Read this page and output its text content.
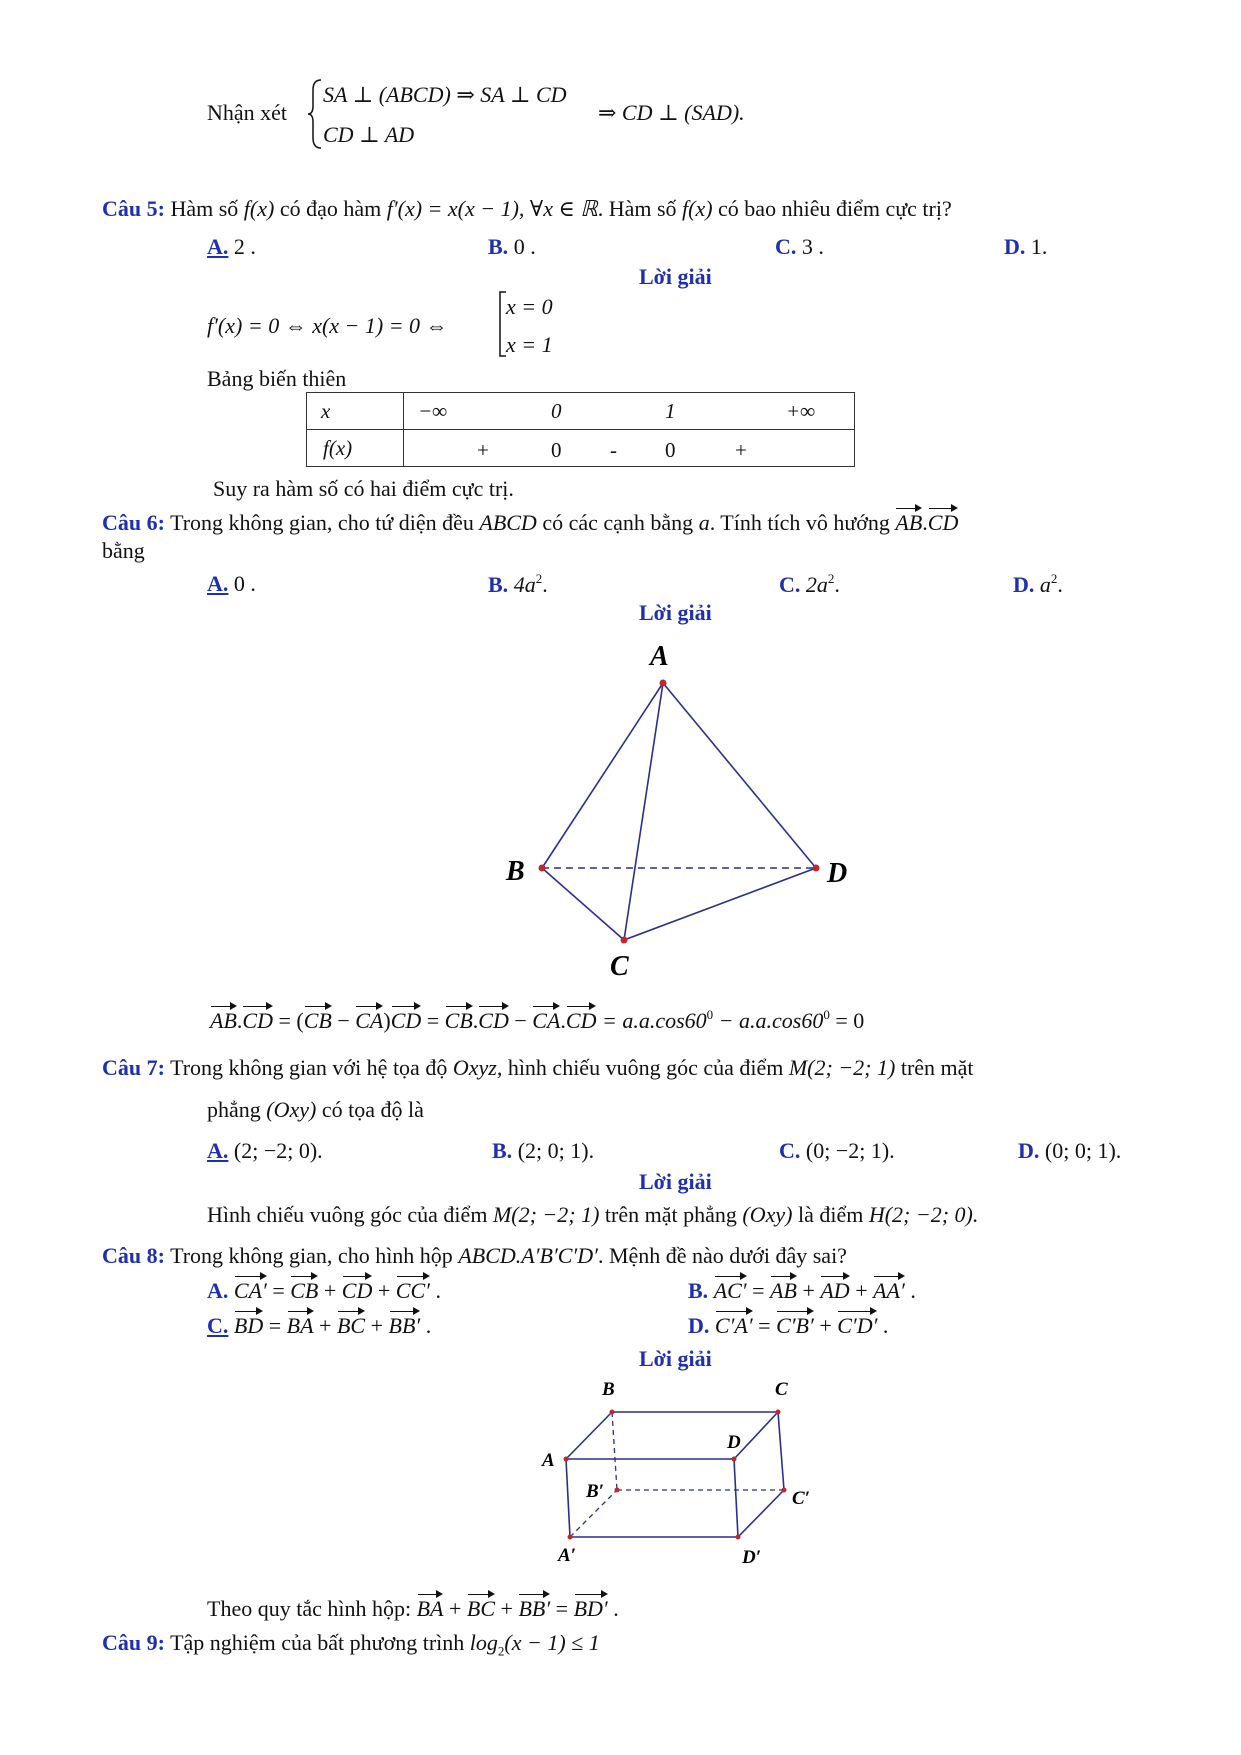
Nhận xét
SA ⊥ (ABCD) ⇒ SA ⊥ CD
CD ⊥ AD
⇒ CD ⊥ (SAD).
Câu 5: Hàm số f(x) có đạo hàm f′(x) = x(x − 1), ∀x ∈ ℝ. Hàm số f(x) có bao nhiêu điểm cực trị?
A. 2 .	B. 0 .	C. 3 .	D. 1.
Lời giải
f′(x) = 0 ⇔ x(x − 1) = 0 ⇔
x = 0
x = 1
Bảng biến thiên
x	−∞ 0 1 +∞

f(x)	+ 0 - 0 +
Suy ra hàm số có hai điểm cực trị.
Câu 6: Trong không gian, cho tứ diện đều ABCD có các cạnh bằng a. Tính tích vô hướng AB.CD
bằng
A. 0 .	B. $4a^2$.	C. $2a^2$.	D. $a^2$.
Lời giải
A
B
C
D
$AB.CD = (CB - CA)CD = CB.CD - CA.CD = a.a.\cos 60^0 - a.a.\cos 60^0 = 0$
Câu 7: Trong không gian với hệ tọa độ Oxyz, hình chiếu vuông góc của điểm M(2; −2; 1) trên mặt
phẳng (Oxy) có tọa độ là
A. (2; −2; 0).	B. (2; 0; 1).	C. (0; −2; 1).	D. (0; 0; 1).
Lời giải
Hình chiếu vuông góc của điểm M(2; −2; 1) trên mặt phẳng (Oxy) là điểm H(2; −2; 0).
Câu 8: Trong không gian, cho hình hộp ABCD.A′B′C′D′. Mệnh đề nào dưới đây sai?
A. CA′ = CB + CD + CC′ .	B. AC′ = AB + AD + AA′ .
C. BD = BA + BC + BB′ .	D. C′A′ = C′B′ + C′D′ .
Lời giải
B	C
A
D
B′	C′
A′	D′
Theo quy tắc hình hộp: BA + BC + BB′ = BD′ .
Câu 9: Tập nghiệm của bất phương trình $\log_2(x - 1) \le 1$
